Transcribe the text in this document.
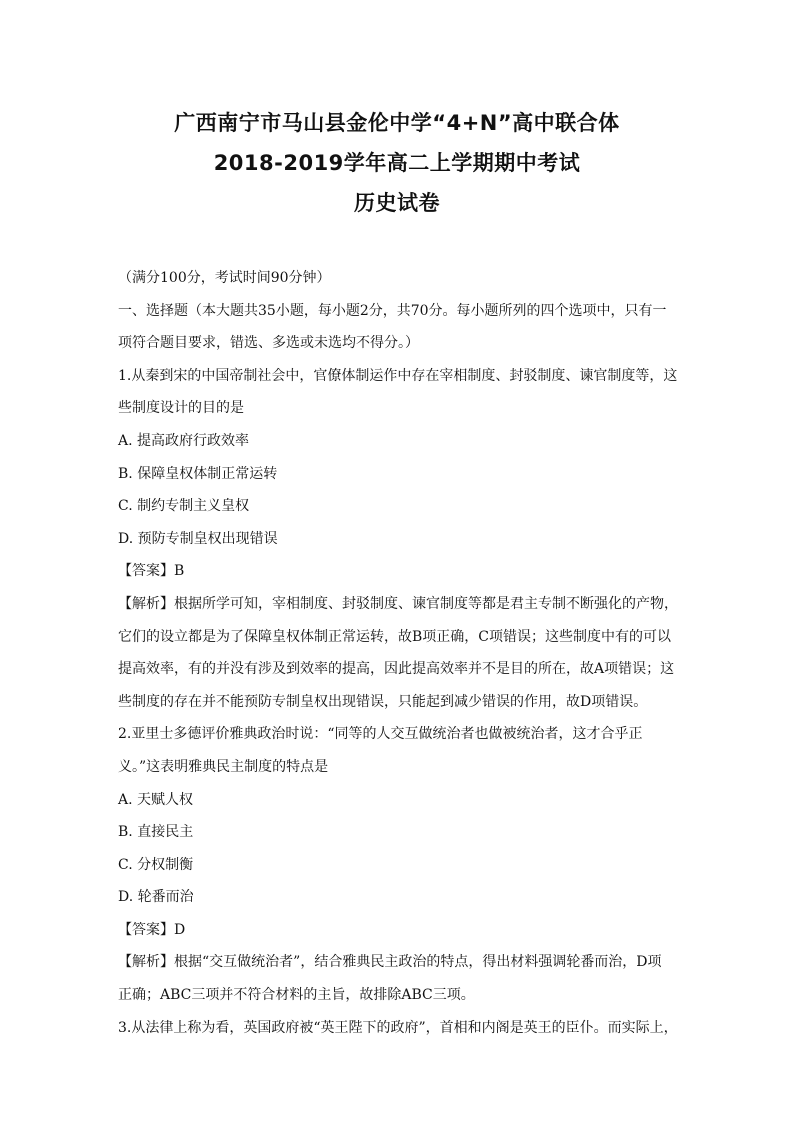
广西南宁市马山县金伦中学“4+N”高中联合体
2018-2019学年高二上学期期中考试
历史试卷
（满分100分，考试时间90分钟）
一、选择题（本大题共35小题，每小题2分，共70分。每小题所列的四个选项中，只有一
项符合题目要求，错选、多选或未选均不得分。）
1.从秦到宋的中国帝制社会中，官僚体制运作中存在宰相制度、封驳制度、谏官制度等，这
些制度设计的目的是
A. 提高政府行政效率
B. 保障皇权体制正常运转
C. 制约专制主义皇权
D. 预防专制皇权出现错误
【答案】B
【解析】根据所学可知，宰相制度、封驳制度、谏官制度等都是君主专制不断强化的产物，
它们的设立都是为了保障皇权体制正常运转，故B项正确，C项错误；这些制度中有的可以
提高效率，有的并没有涉及到效率的提高，因此提高效率并不是目的所在，故A项错误；这
些制度的存在并不能预防专制皇权出现错误，只能起到减少错误的作用，故D项错误。
2.亚里士多德评价雅典政治时说：“同等的人交互做统治者也做被统治者，这才合乎正
义。”这表明雅典民主制度的特点是
A. 天赋人权
B. 直接民主
C. 分权制衡
D. 轮番而治
【答案】D
【解析】根据“交互做统治者”，结合雅典民主政治的特点，得出材料强调轮番而治，D项
正确；ABC三项并不符合材料的主旨，故排除ABC三项。
3.从法律上称为看，英国政府被“英王陛下的政府”，首相和内阁是英王的臣仆。而实际上，
